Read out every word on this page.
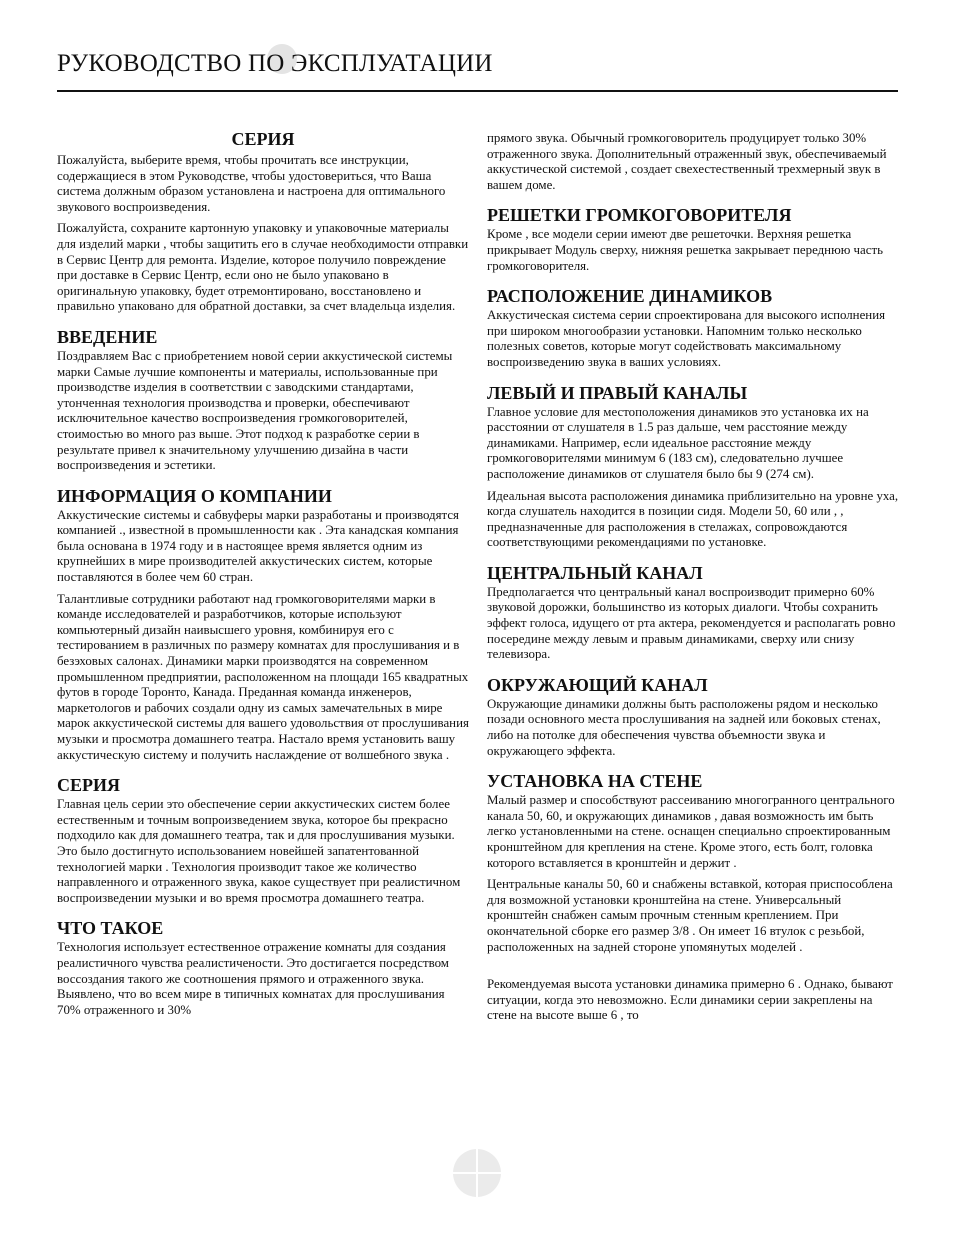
РУКОВОДСТВО ПО ЭКСПЛУАТАЦИИ
СЕРИЯ

Пожалуйста, выберите время, чтобы прочитать все инструкции, содержащиеся в этом Руководстве, чтобы удостовериться, что Ваша система должным образом установлена и настроена для оптимального звукового воспроизведения.

Пожалуйста, сохраните картонную упаковку и упаковочные материалы для изделий марки , чтобы защитить его в случае необходимости отправки в Сервис Центр для ремонта. Изделие, которое получило повреждение при доставке в Сервис Центр, если оно не было упаковано в оригинальную упаковку, будет отремонтировано, восстановлено и правильно упаковано для обратной доставки, за счет владельца изделия.

ВВЕДЕНИЕ

Поздравляем Вас с приобретением новой серии аккустической системы марки Самые лучшие компоненты и материалы, использованные при производстве изделия в соответствии с заводскими стандартами, утонченная технология производства и проверки, обеспечивают исключительное качество воспроизведения громкоговорителей, стоимостью во много раз выше. Этот подход к разработке серии в результате привел к значительному улучшению дизайна в части воспроизведения и эстетики.

ИНФОРМАЦИЯ О КОМПАНИИ

Аккустические системы и сабвуферы марки разработаны и производятся компанией ., известной в промышленности как . Эта канадская компания была основана в 1974 году и в настоящее время является одним из крупнейших в мире производителей аккустических систем, которые поставляются в более чем 60 стран.

Талантливые сотрудники работают над громкоговорителями марки в команде исследователей и разработчиков, которые используют компьютерный дизайн наивысшего уровня, комбинируя его с тестированием в различных по размеру комнатах для прослушивания и в безэховых салонах. Динамики марки производятся на современном промышленном предприятии, расположенном на площади 165 квадратных футов в городе Торонто, Канада. Преданная команда инженеров, маркетологов и рабочих создали одну из самых замечательных в мире марок аккустической системы для вашего удовольствия от прослушивания музыки и просмотра домашнего театра. Настало время установить вашу аккустическую систему и получить наслаждение от волшебного звука .

СЕРИЯ

Главная цель серии это обеспечение серии аккустических систем более естественным и точным вопроизведением звука, которое бы прекрасно подходило как для домашнего театра, так и для прослушивания музыки. Это было достигнуто использованием новейшей запатентованной технологией марки . Технология производит такое же количество направленного и отраженного звука, какое существует при реалистичном воспроизведении музыки и во время просмотра домашнего театра.

ЧТО ТАКОЕ

Технология использует естественное отражение комнаты для создания реалистичного чувства реалистичености. Это достигается посредством воссоздания такого же соотношения прямого и отраженного звука. Выявлено, что во всем мире в типичных комнатах для прослушивания 70% отраженного и 30%

прямого звука. Обычный громкоговоритель продуцирует только 30% отраженного звука. Дополнительный отраженный звук, обеспечиваемый аккустической системой , создает свехестественный трехмерный звук в вашем доме.

РЕШЕТКИ ГРОМКОГОВОРИТЕЛЯ

Кроме , все модели серии имеют две решеточки. Верхняя решетка прикрывает Модуль сверху, нижняя решетка закрывает переднюю часть громкоговорителя.

РАСПОЛОЖЕНИЕ ДИНАМИКОВ

Аккустическая система серии спроектирована для высокого исполнения при широком многообразии установки. Напомним только несколько полезных советов, которые могут содействовать максимальному воспроизведению звука в ваших условиях.

ЛЕВЫЙ И ПРАВЫЙ КАНАЛЫ

Главное условие для местоположения динамиков это установка их на расстоянии от слушателя в 1.5 раз дальше, чем расстояние между динамиками. Например, если идеальное расстояние между громкоговорителями минимум 6 (183 см), следовательно лучшее расположение динамиков от слушателя было бы 9 (274 см).

Идеальная высота расположения динамика приблизительно на уровне уха, когда слушатель находится в позиции сидя. Модели 50, 60 или , , предназначенные для расположения в стелажах, сопровождаются соответствующими рекомендациями по установке.

ЦЕНТРАЛЬНЫЙ КАНАЛ

Предполагается что центральный канал воспроизводит примерно 60% звуковой дорожки, большинство из которых диалоги. Чтобы сохранить эффект голоса, идущего от рта актера, рекомендуется и располагать ровно посередине между левым и правым динамиками, сверху или снизу телевизора.

ОКРУЖАЮЩИЙ КАНАЛ

Окружающие динамики должны быть расположены рядом и несколько позади основного места прослушивания на задней или боковых стенах, либо на потолке для обеспечения чувства объемности звука и окружающего эффекта.

УСТАНОВКА НА СТЕНЕ

Малый размер и способствуют рассеиванию многогранного центрального канала 50, 60, и окружающих динамиков , давая возможность им быть легко установленными на стене. оснащен специально спроектированным кронштейном для крепления на стене. Кроме этого, есть болт, головка которого вставляется в кронштейн и держит .

Центральные каналы 50, 60 и снабжены вставкой, которая приспособлена для возможной установки кронштейна на стене. Универсальный кронштейн снабжен самым прочным стенным креплением. При окончательной сборке его размер 3/8 . Он имеет 16 втулок с резьбой, расположенных на задней стороне упомянутых моделей .

Рекомендуемая высота установки динамика примерно 6 . Однако, бывают ситуации, когда это невозможно. Если динамики серии закреплены на стене на высоте выше 6 , то
